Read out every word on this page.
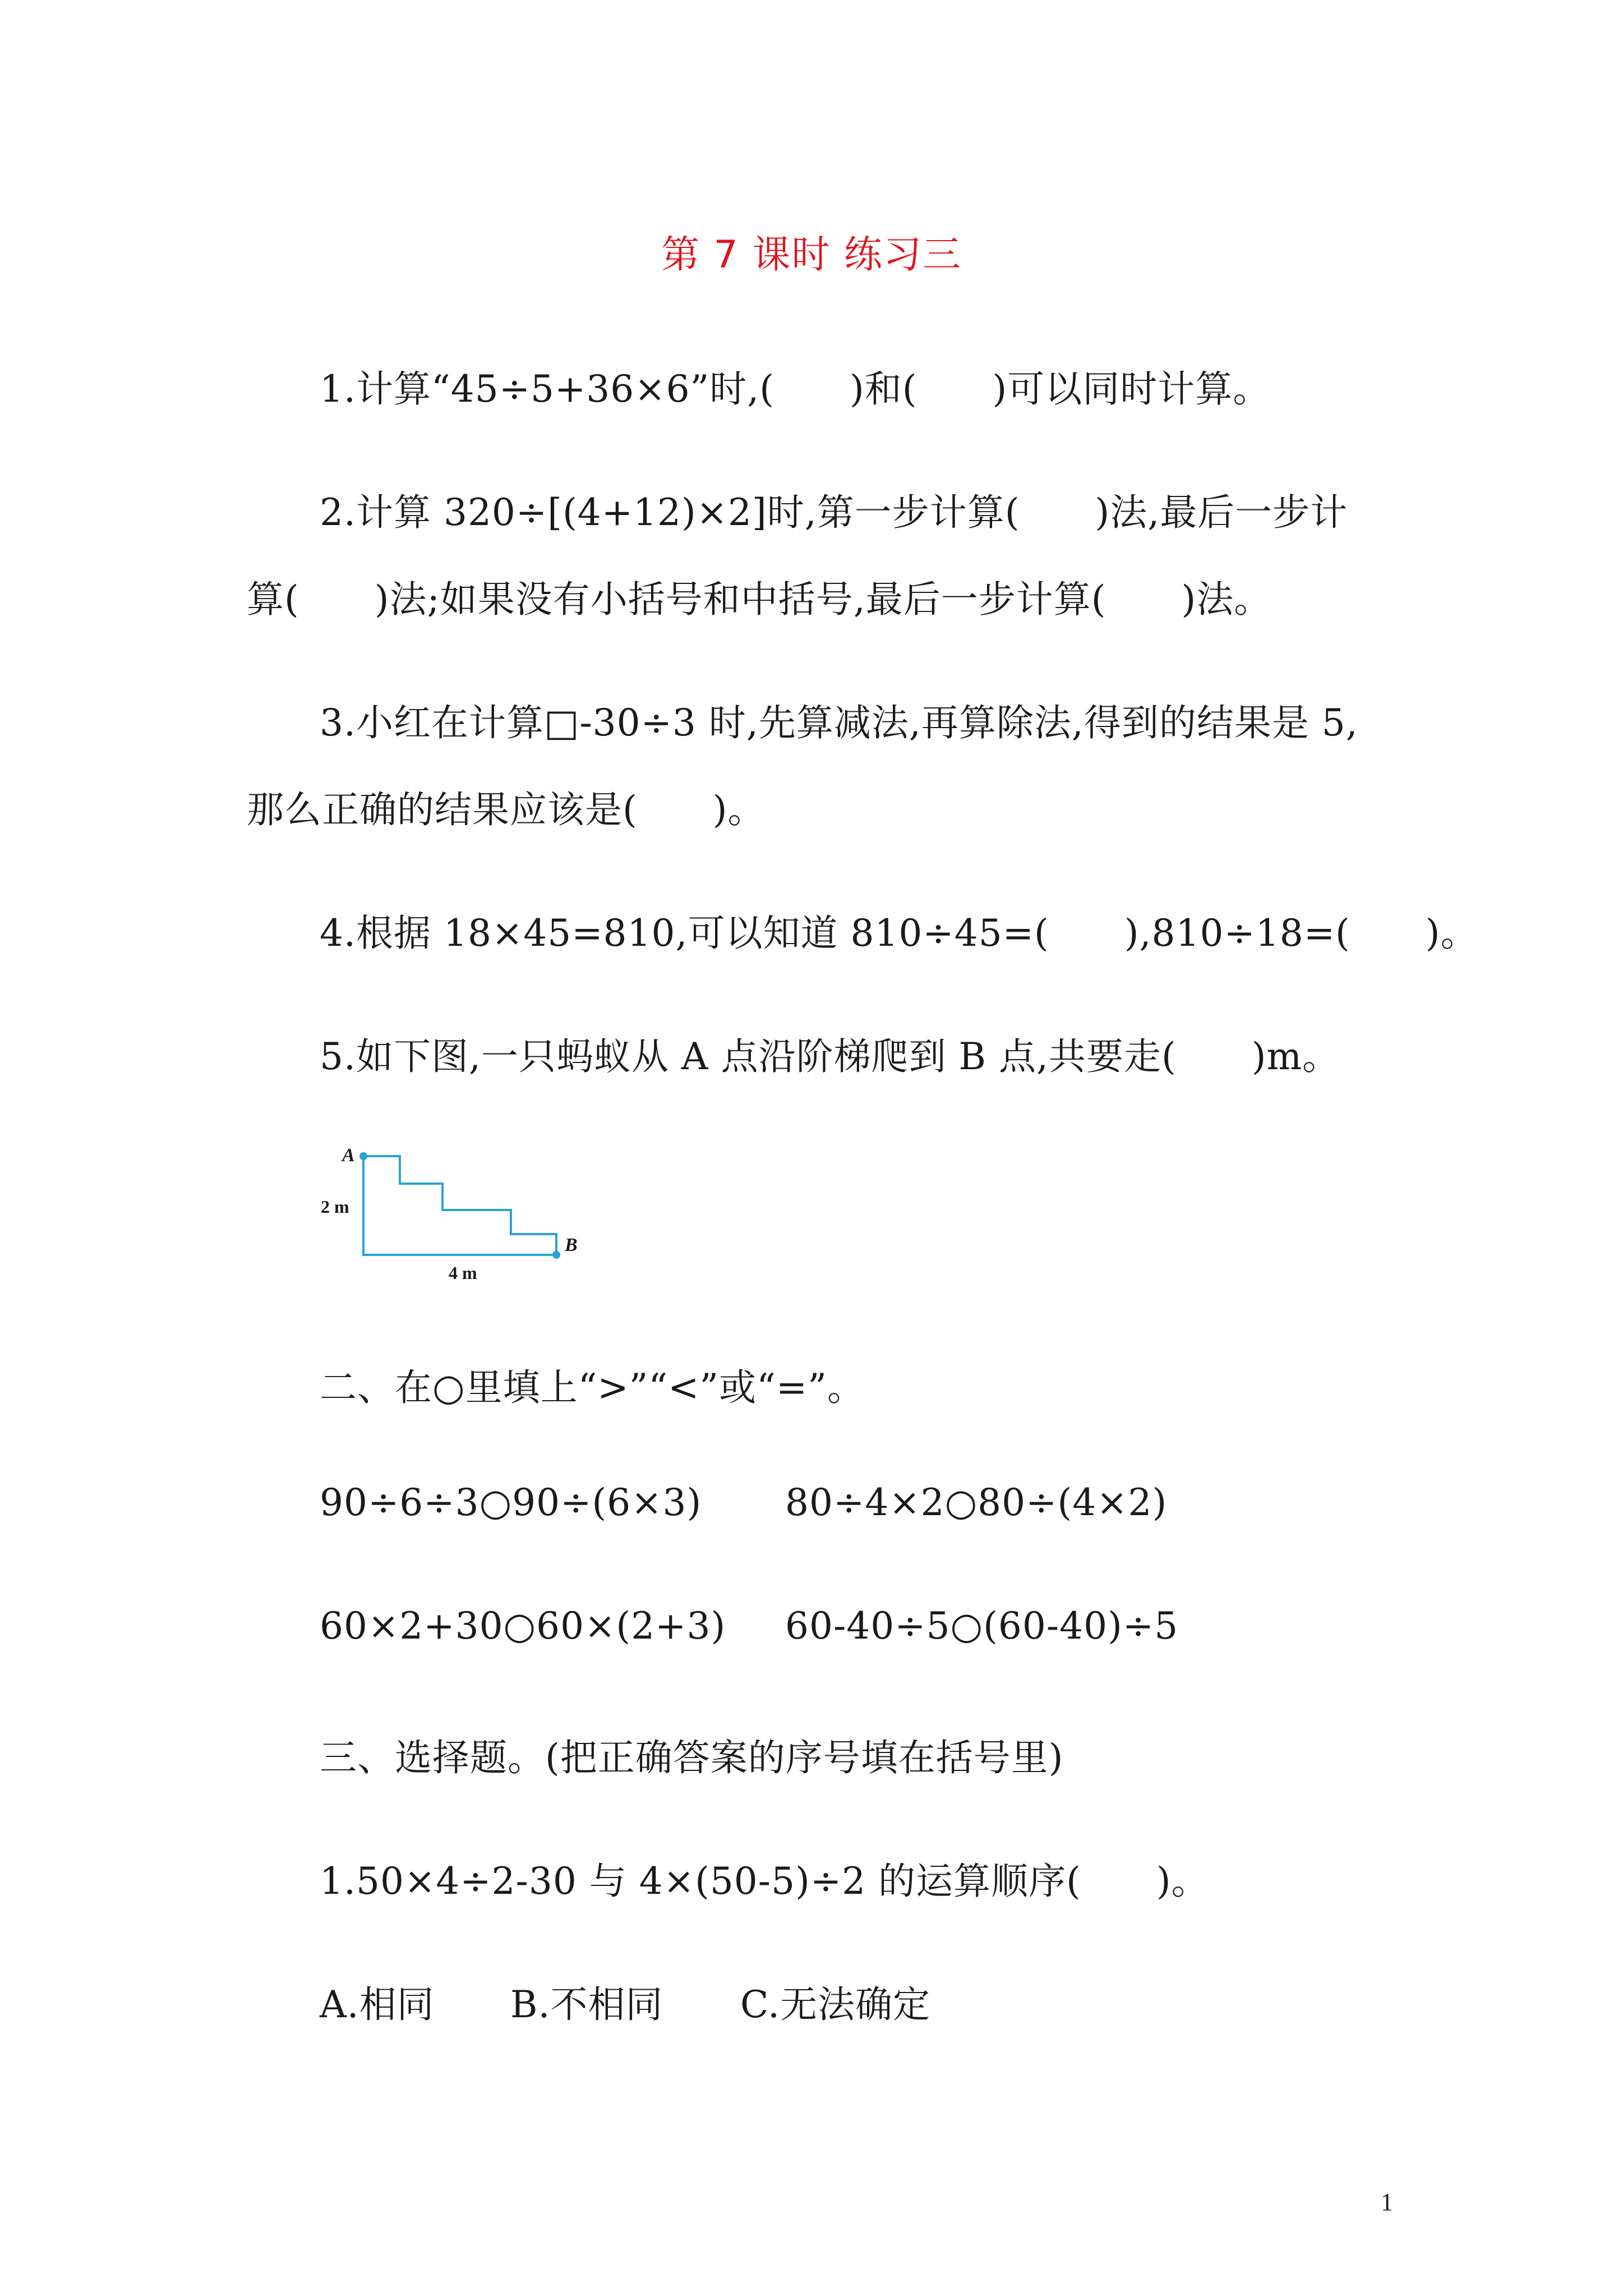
第 7 课时 练习三
1.计算“45÷5+36×6”时,(　　)和(　　)可以同时计算。
2.计算 320÷[(4+12)×2]时,第一步计算(　　)法,最后一步计
算(　　)法;如果没有小括号和中括号,最后一步计算(　　)法。
3.小红在计算□-30÷3 时,先算减法,再算除法,得到的结果是 5,
那么正确的结果应该是(　　)。
4.根据 18×45=810,可以知道 810÷45=(　　),810÷18=(　　)。
5.如下图,一只蚂蚁从 A 点沿阶梯爬到 B 点,共要走(　　)m。
A
B
2 m
4 m
二、在○里填上“>”“<”或“=”。
90÷6÷3○90÷(6×3) 80÷4×2○80÷(4×2)
60×2+30○60×(2+3) 60-40÷5○(60-40)÷5
三、选择题。(把正确答案的序号填在括号里)
1.50×4÷2-30 与 4×(50-5)÷2 的运算顺序(　　)。
A.相同 B.不相同 C.无法确定
1
